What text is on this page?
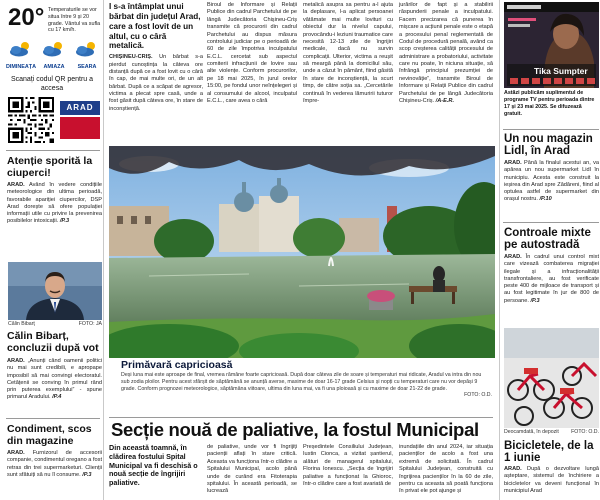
20° Temperaturile se vor situa între 9 și 20 grade. Vântul va sufla cu 17 km/h.
DIMINEAȚA	AMIAZA	SEARA
Scanați codul QR pentru a accesa
ARAD
Atenție sporită la ciuperci!
ARAD. Având în vedere condițiile meteorologice din ultima perioadă, favorabile apariției ciupercilor, DSP Arad dorește să ofere populației informații utile cu privire la prevenirea posibilelor intoxicații. /P.3
Călin Bibarț	FOTO: JA
Călin Bibarț, concluzii după vot
ARAD. „Anunți când oamenii politici nu mai sunt credibili, e apropape imposibil să mai convingi electoratul. Cetățenii se conving în primul rând prin puterea exemplului” - spune primarul Aradului. /P.4
Condiment, scos din magazine
ARAD. Furnizorul de accesorii companie, condimentul oregano a fost retras din trei supermarketuri. Clienții sunt sfătuiți să nu îl consume. /P.3
I s-a întâmplat unui bărbat din județul Arad, care a fost lovit de un altul, cu o câră metalică.
CHIȘINEU-CRIȘ. Un bărbat s-a pierdut cunoștința la câteva ore distanță după ce a fost lovit cu o câră în cap, de mai multe ori, de un alt bărbat. După ce a scăpat de agresor, victima a plecat spre casă, unde a fost găsit după câteva ore, în stare de inconștiență.
Biroul de Informare și Relații Publice din cadrul Parchetului de pe lângă Judecătoria Chișineu-Criș transmite că procurorii din cadrul Parchetului au dispus măsura controlului judiciar pe o perioadă de 60 de zile împotriva inculpatului E.C.L. cercetat sub aspectul comiterii infracțiunii de lovire sau alte violențe. Conform procurorilor, pe 18 mai 2025, în jurul orelor 15:00, pe fondul unor neînțelegeri și al consumului de alcool, inculpatul E.C.L., care avea o câră
metalică asupra sa pentru a-l ajuta la deplasare, l-a aplicat persoanei vătămate mai multe lovituri cu obiectul dur la nivelul capului, provocându-i leziuni traumatice care necesită 12-13 zile de îngrijiri medicale, dacă nu survin complicații. Ulterior, victima a reușit să meargă până la domiciliul său, unde a căzut în pământ, fiind găsită în stare de inconștiență, la scurt timp, de către soția sa. „Cercetările continuă în vederea lămuririi tuturor împre-
jurărilor de fapt și a stabilirii răspunderii penale a inculpatului. Facem precizarea că punerea în mișcare a acțiunii penale este o etapă a procesului penal reglementată de Codul de procedură penală, având ca scop creșterea calității procesului de administrare a probatoriului, activitate care nu poate, în niciuna situație, să înfrângă principiul prezumției de nevinovăție”, transmite Biroul de Informare și Relații Publice din cadrul Parchetului de pe lângă Judecătoria Chișineu-Criș. /A-E.R.
Primăvară capricioasă
Deși luna mai este aproape de final, vremea rămâne foarte capricioasă. După doar câteva zile de soare și temperaturi mai ridicate, Aradul va intra din nou sub zodia ploilor. Pentru acest sfârșit de săptămână se anunță averse, maxime de doar 16-17 grade Celsius și nopți cu temperaturi care nu vor depăși 9 grade. Conform prognozei meteorologice, săptămâna viitoare, ultima din luna mai, va fi una ploioasă și cu maxime de doar 21-22 de grade.
FOTO: O.D.
Secție nouă de paliative, la fostul Municipal
Din această toamnă, în clădirea fostului Spital Municipal va fi deschisă o nouă secție de îngrijiri paliative.
de paliative, unde vor fi îngrijiți pacienții aflați în stare critică. Aceasta va funcționa într-o clădire a Spitalului Municipal, acolo până unde de curând era Fitoterapia spitalului. În această perioadă, se lucrează
Președintele Consiliului Județean, Iustin Cionca, a vizitat șantierul, alături de managerul spitalului, Florina Ionescu. „Secția de îngrijiri paliative a funcționat la Ghioroc, într-o clădire care a fost avariată de
inundațiile din anul 2024, iar situația pacienților de acolo a fost una extremă de solicitată. În cadrul Spitalului Județean, construită cu îngrijirea pacienților în la 60 de zile, pentru ca aceasta să poată funcționa în privat ele pot ajunge și
Tika Sumpter
Astăzi publicăm suplimentul de programe TV pentru perioada dintre 17 și 23 mai 2025. Se difuzează gratuit.
Un nou magazin Lidl, în Arad
ARAD. Până la finalul acestui an, va apărea un nou supermarket Lidl în municipiu. Acesta este construit la ieșirea din Arad spre Zădăreni, fiind al optulea astfel de supermarket din orașul nostru. /P.10
Controale mixte pe autostradă
ARAD. În cadrul unui control mixt care vizează combaterea migrației ilegale și a infracționalității transfrontaliere, au fost verificate peste 400 de mijloace de transport și au fost legitimate în jur de 800 de persoane. /P.3
Deocamdată, în depozit FOTO: O.D.
Bicicletele, de la 1 iunie
ARAD. După o dezvoltare lungă așteptare, sistemul de închiriere a bicicletelor va deveni funcțional în municipiul Arad
